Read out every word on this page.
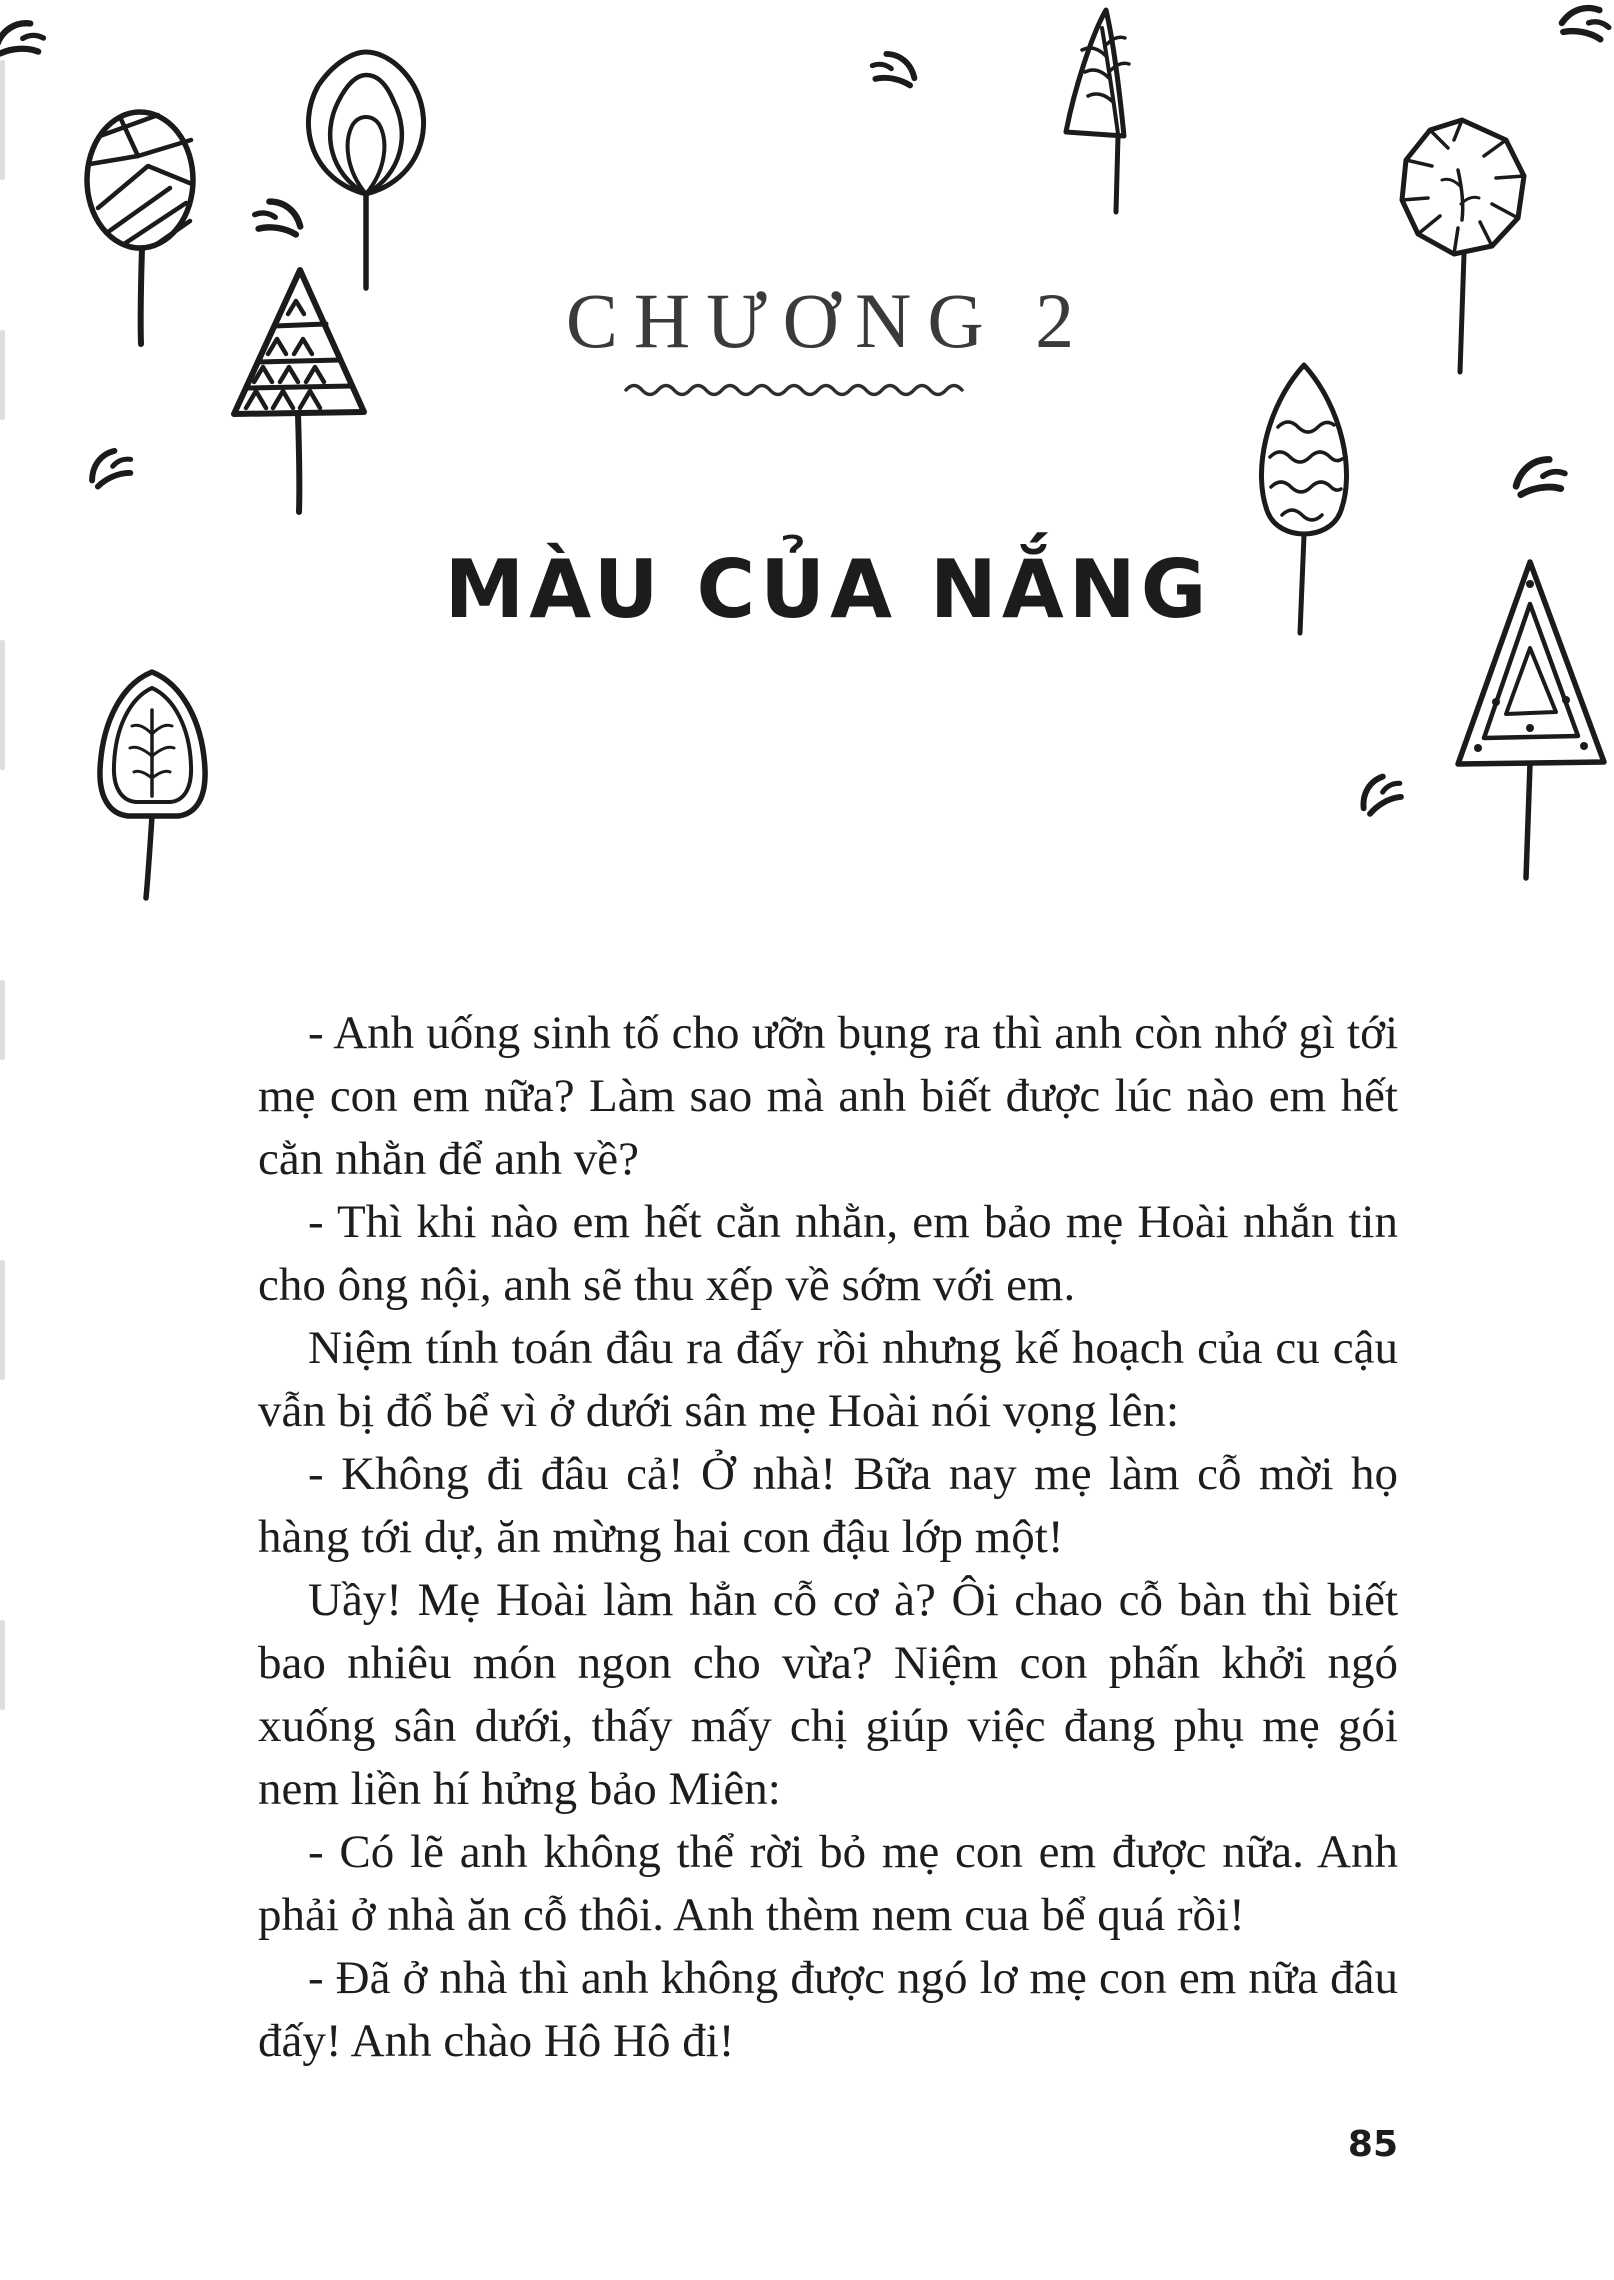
CHƯƠNG 2
MÀU CỦA NẮNG

- Anh uống sinh tố cho ưỡn bụng ra thì anh còn nhớ gì tới mẹ con em nữa? Làm sao mà anh biết được lúc nào em hết cằn nhằn để anh về?

- Thì khi nào em hết cằn nhằn, em bảo mẹ Hoài nhắn tin cho ông nội, anh sẽ thu xếp về sớm với em.

Niệm tính toán đâu ra đấy rồi nhưng kế hoạch của cu cậu vẫn bị đổ bể vì ở dưới sân mẹ Hoài nói vọng lên:

- Không đi đâu cả! Ở nhà! Bữa nay mẹ làm cỗ mời họ hàng tới dự, ăn mừng hai con đậu lớp một!

Uầy! Mẹ Hoài làm hẳn cỗ cơ à? Ôi chao cỗ bàn thì biết bao nhiêu món ngon cho vừa? Niệm con phấn khởi ngó xuống sân dưới, thấy mấy chị giúp việc đang phụ mẹ gói nem liền hí hửng bảo Miên:

- Có lẽ anh không thể rời bỏ mẹ con em được nữa. Anh phải ở nhà ăn cỗ thôi. Anh thèm nem cua bể quá rồi!

- Đã ở nhà thì anh không được ngó lơ mẹ con em nữa đâu đấy! Anh chào Hô Hô đi!

85
